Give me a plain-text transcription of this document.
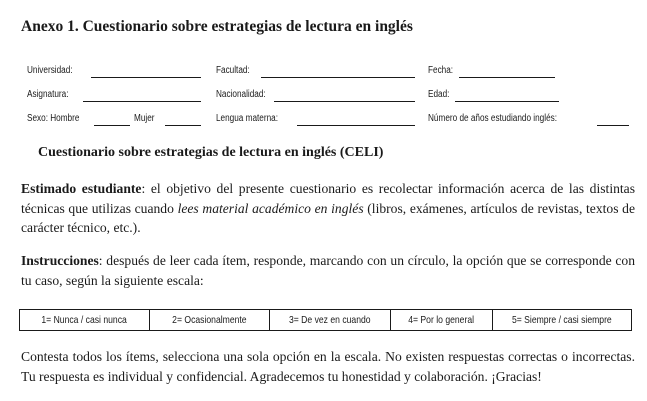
Anexo 1. Cuestionario sobre estrategias de lectura en inglés
Universidad:	Facultad:	Fecha:
Asignatura:	Nacionalidad:	Edad:
Sexo: Hombre	Mujer	Lengua materna:	Número de años estudiando inglés:
Cuestionario sobre estrategias de lectura en inglés (CELI)
Estimado estudiante: el objetivo del presente cuestionario es recolectar información acerca de las distintas técnicas que utilizas cuando lees material académico en inglés (libros, exámenes, artículos de revistas, textos de carácter técnico, etc.).
Instrucciones: después de leer cada ítem, responde, marcando con un círculo, la opción que se corresponde con tu caso, según la siguiente escala:
1= Nunca / casi nunca	2= Ocasionalmente	3= De vez en cuando	4= Por lo general	5= Siempre / casi siempre
Contesta todos los ítems, selecciona una sola opción en la escala. No existen respuestas correctas o incorrectas. Tu respuesta es individual y confidencial. Agradecemos tu honestidad y colaboración. ¡Gracias!
